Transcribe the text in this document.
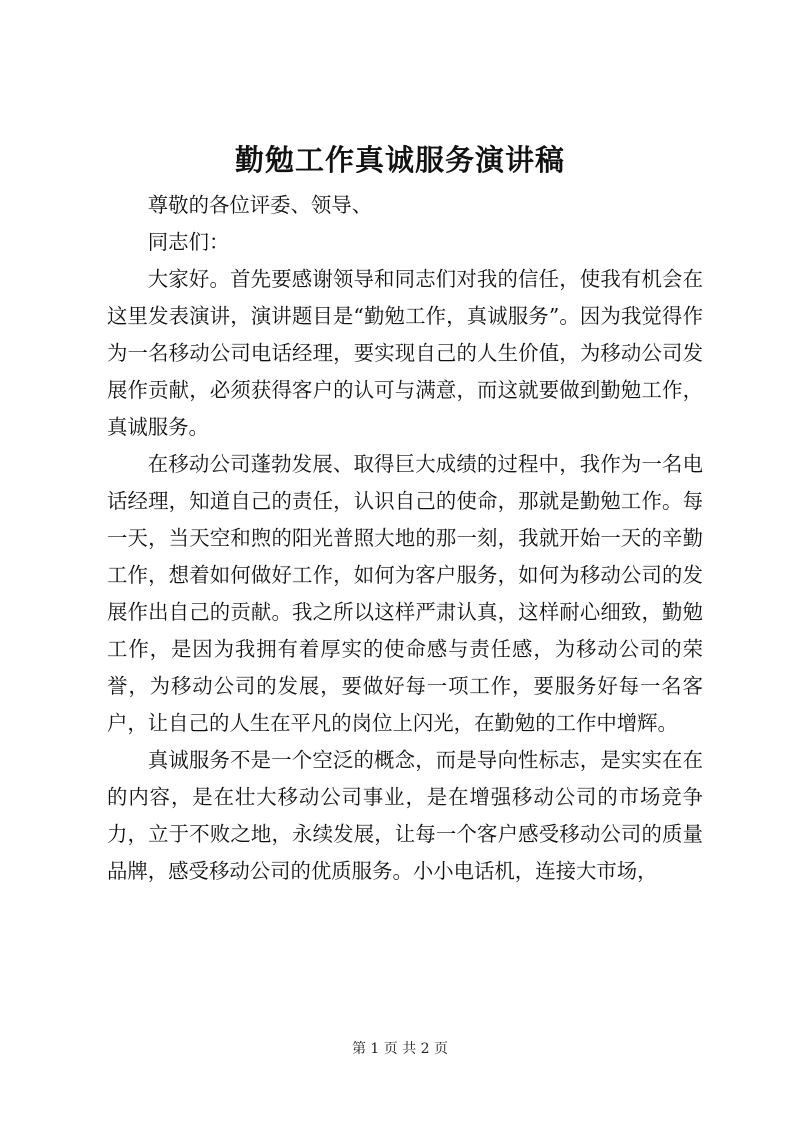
勤勉工作真诚服务演讲稿

尊敬的各位评委、领导、

同志们：

大家好。首先要感谢领导和同志们对我的信任，使我有机会在这里发表演讲，演讲题目是“勤勉工作，真诚服务”。因为我觉得作为一名移动公司电话经理，要实现自己的人生价值，为移动公司发展作贡献，必须获得客户的认可与满意，而这就要做到勤勉工作，真诚服务。

在移动公司蓬勃发展、取得巨大成绩的过程中，我作为一名电话经理，知道自己的责任，认识自己的使命，那就是勤勉工作。每一天，当天空和煦的阳光普照大地的那一刻，我就开始一天的辛勤工作，想着如何做好工作，如何为客户服务，如何为移动公司的发展作出自己的贡献。我之所以这样严肃认真，这样耐心细致，勤勉工作，是因为我拥有着厚实的使命感与责任感，为移动公司的荣誉，为移动公司的发展，要做好每一项工作，要服务好每一名客户，让自己的人生在平凡的岗位上闪光，在勤勉的工作中增辉。

真诚服务不是一个空泛的概念，而是导向性标志，是实实在在的内容，是在壮大移动公司事业，是在增强移动公司的市场竞争力，立于不败之地，永续发展，让每一个客户感受移动公司的质量品牌，感受移动公司的优质服务。小小电话机，连接大市场，

第 1 页 共 2 页
